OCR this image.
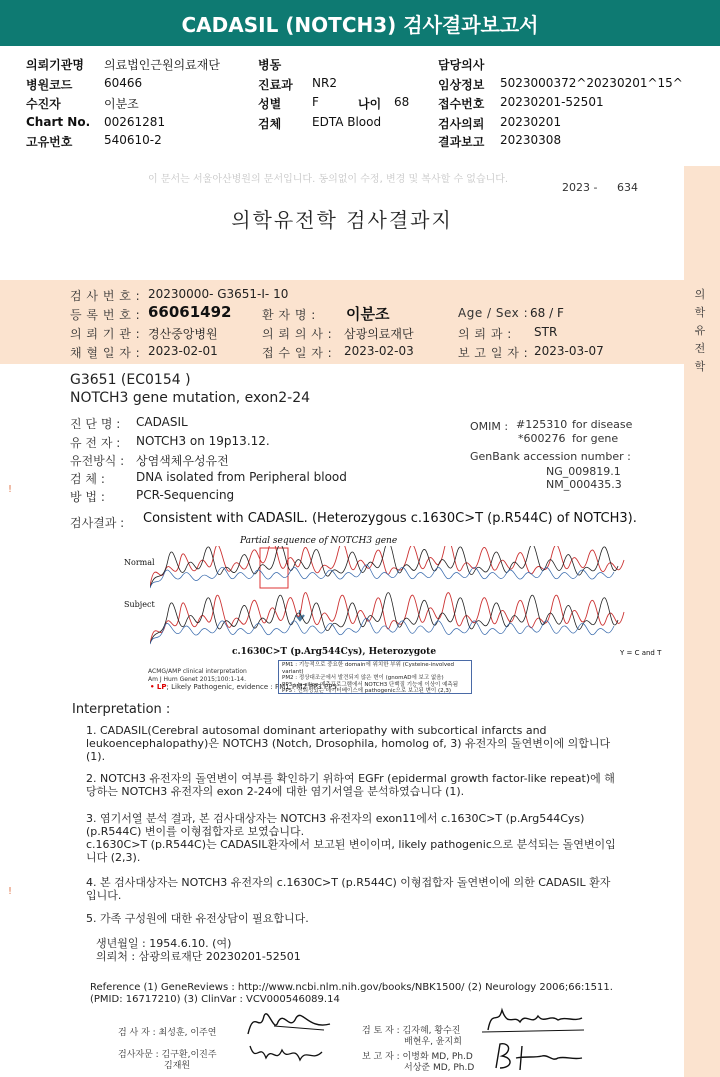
CADASIL (NOTCH3) 검사결과보고서
의뢰기관명 의료법인근원의료재단	병동	담당의사
병원코드	60466	진료과 NR2	임상정보 5023000372^20230201^15^
수진자	이분조	성별	F	나이 68 접수번호 20230201-52501
Chart No. 00261281	검체	EDTA Blood	검사의뢰 20230201
고유번호	540610-2	결과보고 20230308
!
!
이 문서는 서울아산병원의 문서입니다. 동의없이 수정, 변경 및 복사할 수 없습니다.
2023 - 634
의학유전학 검사결과지
검 사 번 호 : 20230000- G3651-I- 10
등 록 번 호 : 66061492	환 자 명 : 이분조	Age / Sex : 68 / F
의 뢰 기 관 : 경산중앙병원	의 뢰 의 사 : 삼광의료재단	의 뢰 과 : STR
채 혈 일 자 : 2023-02-01	접 수 일 자 : 2023-02-03	보 고 일 자 : 2023-03-07
의
학
유
전
학
G3651 (EC0154 )
NOTCH3 gene mutation, exon2-24
진 단 명 : CADASIL
유 전 자 : NOTCH3 on 19p13.12.
유전방식 : 상염색체우성유전
검 체 :	DNA isolated from Peripheral blood
방 법 :	PCR-Sequencing
OMIM : #125310 for disease
*600276 for gene
GenBank accession number :
NG_009819.1
NM_000435.3
검사결과 : Consistent with CADASIL. (Heterozygous c.1630C>T (p.R544C) of NOTCH3).
Partial sequence of NOTCH3 gene
Normal
Subject
c.1630C>T (p.Arg544Cys), Heterozygote	Y = C and T
ACMG/AMP clinical interpretation
Am J Hum Genet 2015;100:1-14.
• LP; Likely Pathogenic, evidence : PM1 PM2 PP3 PP5
PM1 : 기능적으로 중요한 domain에 위치한 부위 (Cysteine-involved variant)
PM2 : 정상대조군에서 발견되지 않은 변이 (gnomAD에 보고 없음)
PP3 : in-silico 예측프로그램에서 NOTCH3 단백질 기능에 이상이 예측됨
PP5 : 신뢰성있는 데이터베이스에 pathogenic으로 보고된 변이 (2,3)
Interpretation :

1. CADASIL(Cerebral autosomal dominant arteriopathy with subcortical infarcts and

leukoencephalopathy)은 NOTCH3 (Notch, Drosophila, homolog of, 3) 유전자의 돌연변이에 의합니다

(1).

2. NOTCH3 유전자의 돌연변이 여부를 확인하기 위하여 EGFr (epidermal growth factor-like repeat)에 해

당하는 NOTCH3 유전자의 exon 2-24에 대한 염기서열을 분석하였습니다 (1).

3. 염기서열 분석 결과, 본 검사대상자는 NOTCH3 유전자의 exon11에서 c.1630C>T (p.Arg544Cys)

(p.R544C) 변이를 이형접합자로 보였습니다.

c.1630C>T (p.R544C)는 CADASIL환자에서 보고된 변이이며, likely pathogenic으로 분석되는 돌연변이입

니다 (2,3).

4. 본 검사대상자는 NOTCH3 유전자의 c.1630C>T (p.R544C) 이형접합자 돌연변이에 의한 CADASIL 환자

입니다.

5. 가족 구성원에 대한 유전상담이 필요합니다.

생년월일 : 1954.6.10. (여)

의뢰처 : 삼광의료재단 20230201-52501

Reference (1) GeneReviews : http://www.ncbi.nlm.nih.gov/books/NBK1500/ (2) Neurology 2006;66:1511.
(PMID: 16717210) (3) ClinVar : VCV000546089.14
검 사 자 : 최성훈, 이주연	검 토 자 : 김자혜, 황수진
배현우, 윤지희
검사자문 : 김구환,이진주
김재원
보 고 자 : 이병화 MD, Ph.D
서상준 MD, Ph.D
